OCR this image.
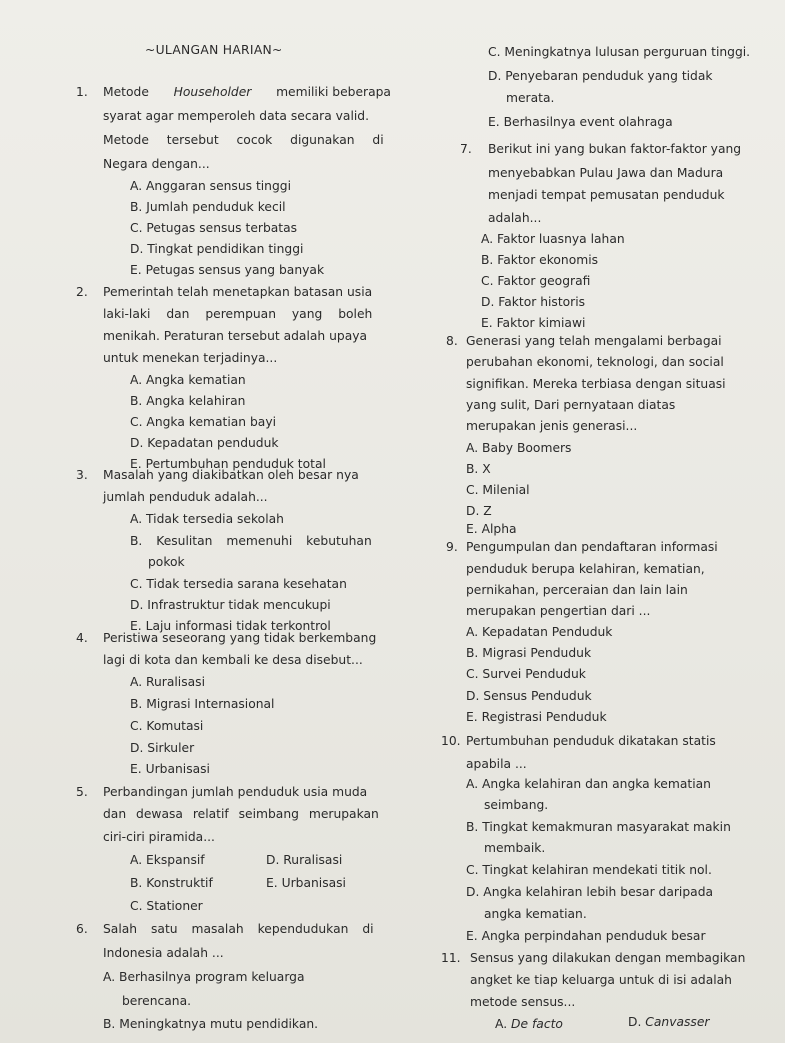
~ULANGAN HARIAN~
1. Metode Householder memiliki beberapa
syarat agar memperoleh data secara valid.
Metode tersebut cocok digunakan di
Negara dengan...
A. Anggaran sensus tinggi
B. Jumlah penduduk kecil
C. Petugas sensus terbatas
D. Tingkat pendidikan tinggi
E. Petugas sensus yang banyak
2. Pemerintah telah menetapkan batasan usia
laki-laki dan perempuan yang boleh
menikah. Peraturan tersebut adalah upaya
untuk menekan terjadinya...
A. Angka kematian
B. Angka kelahiran
C. Angka kematian bayi
D. Kepadatan penduduk
E. Pertumbuhan penduduk total
3. Masalah yang diakibatkan oleh besar nya
jumlah penduduk adalah...
A. Tidak tersedia sekolah
B. Kesulitan memenuhi kebutuhan
pokok
C. Tidak tersedia sarana kesehatan
D. Infrastruktur tidak mencukupi
E. Laju informasi tidak terkontrol
4. Peristiwa seseorang yang tidak berkembang
lagi di kota dan kembali ke desa disebut...
A. Ruralisasi
B. Migrasi Internasional
C. Komutasi
D. Sirkuler
E. Urbanisasi
5. Perbandingan jumlah penduduk usia muda
dan dewasa relatif seimbang merupakan
ciri-ciri piramida...
A. Ekspansif	D. Ruralisasi
B. Konstruktif	E. Urbanisasi
C. Stationer
6. Salah satu masalah kependudukan di
Indonesia adalah ...
A. Berhasilnya program keluarga
C. Meningkatnya lulusan perguruan tinggi.
D. Penyebaran penduduk yang tidak
merata.
E. Berhasilnya event olahraga
7. Berikut ini yang bukan faktor-faktor yang
menyebabkan Pulau Jawa dan Madura
menjadi tempat pemusatan penduduk
adalah...
A. Faktor luasnya lahan
B. Faktor ekonomis
C. Faktor geografi
D. Faktor historis
E. Faktor kimiawi
8. Generasi yang telah mengalami berbagai
perubahan ekonomi, teknologi, dan social
signifikan. Mereka terbiasa dengan situasi
yang sulit, Dari pernyataan diatas
merupakan jenis generasi...
A. Baby Boomers
B. X
C. Milenial
D. Z
E. Alpha
9. Pengumpulan dan pendaftaran informasi
penduduk berupa kelahiran, kematian,
pernikahan, perceraian dan lain lain
merupakan pengertian dari ...
A. Kepadatan Penduduk
B. Migrasi Penduduk
C. Survei Penduduk
D. Sensus Penduduk
E. Registrasi Penduduk
10. Pertumbuhan penduduk dikatakan statis
apabila ...
A. Angka kelahiran dan angka kematian
seimbang.
B. Tingkat kemakmuran masyarakat makin
membaik.
C. Tingkat kelahiran mendekati titik nol.
D. Angka kelahiran lebih besar daripada
angka kematian.
E. Angka perpindahan penduduk besar
berencana.
B. Meningkatnya mutu pendidikan.
11. Sensus yang dilakukan dengan membagikan
angket ke tiap keluarga untuk di isi adalah
metode sensus...
A. De facto	D. Canvasser
